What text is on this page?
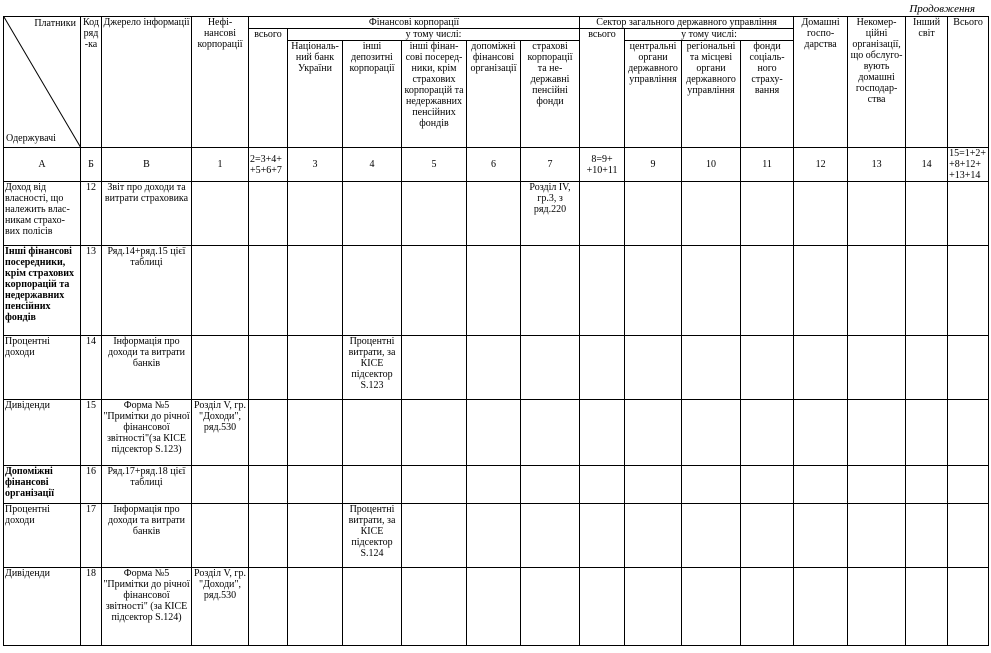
Продовження
Платники
Одержувачі	Код ряд-ка	Джерело інформації	Нефі-нансові корпорації	Фінансові корпорації						Сектор загального державного управління				Домашні госпо-дарства	Некомер-ційні організації, що обслуго-вують домашні господар-ства	Інший світ	Всього
				всього	у тому числі:					всього	у тому числі:						
					Національ-ний банк України	інші депозитні корпорації	інші фінан-сові посеред-ники, крім страхових корпорацій та недержавних пенсійних фондів	допоміжні фінансові організації	страхові корпорації та не-державні пенсійні фонди		центральні органи державного управління	регіональні та місцеві органи державного управління	фонди соціаль-ного страху-вання				
А	Б	В	1	2=3+4+ +5+6+7	3	4	5	6	7	8=9+ +10+11	9	10	11	12	13	14	15=1+2+ +8+12+ +13+14
Доход від власності, що належить влас-никам страхо-вих полісів	12	Звіт про доходи та витрати страховика							Розділ IV, гр.3, з ряд.220								
Інші фінансові посередники, крім страхових корпорацій та недержавних пенсійних фондів	13	Ряд.14+ряд.15 цієї таблиці															
Процентні доходи	14	Інформація про доходи та витрати банків				Процентні витрати, за КІСЕ підсектор S.123											
Дивіденди	15	Форма №5 "Примітки до річної фінансової звітності"(за КІСЕ підсектор S.123)	Розділ V, гр. "Доходи", ряд.530														
Допоміжні фінансові організації	16	Ряд.17+ряд.18 цієї таблиці															
Процентні доходи	17	Інформація про доходи та витрати банків				Процентні витрати, за КІСЕ підсектор S.124											
Дивіденди	18	Форма №5 "Примітки до річної фінансової звітності" (за КІСЕ підсектор S.124)	Розділ V, гр. "Доходи", ряд.530														
